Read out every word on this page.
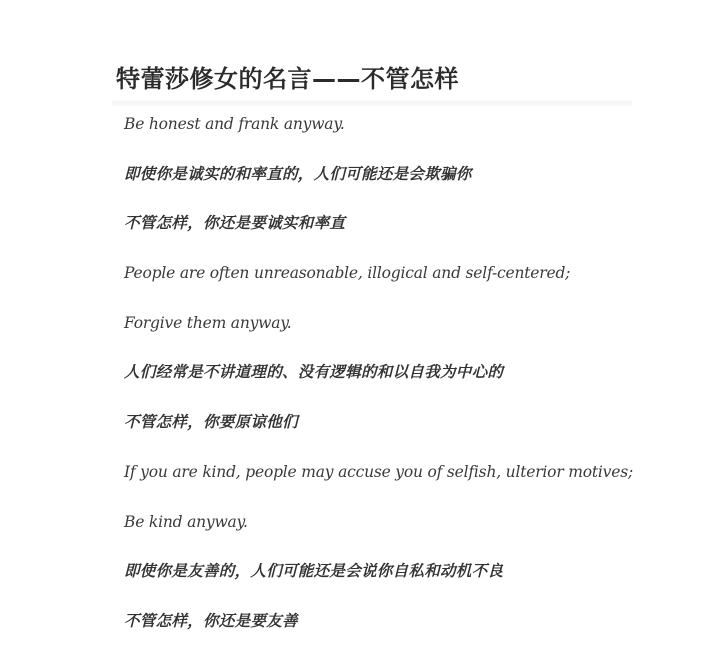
特蕾莎修女的名言——不管怎样
Be honest and frank anyway.
即使你是诚实的和率直的，人们可能还是会欺骗你
不管怎样，你还是要诚实和率直
People are often unreasonable, illogical and self-centered;
Forgive them anyway.
人们经常是不讲道理的、没有逻辑的和以自我为中心的
不管怎样，你要原谅他们
If you are kind, people may accuse you of selfish, ulterior motives;
Be kind anyway.
即使你是友善的，人们可能还是会说你自私和动机不良
不管怎样，你还是要友善
